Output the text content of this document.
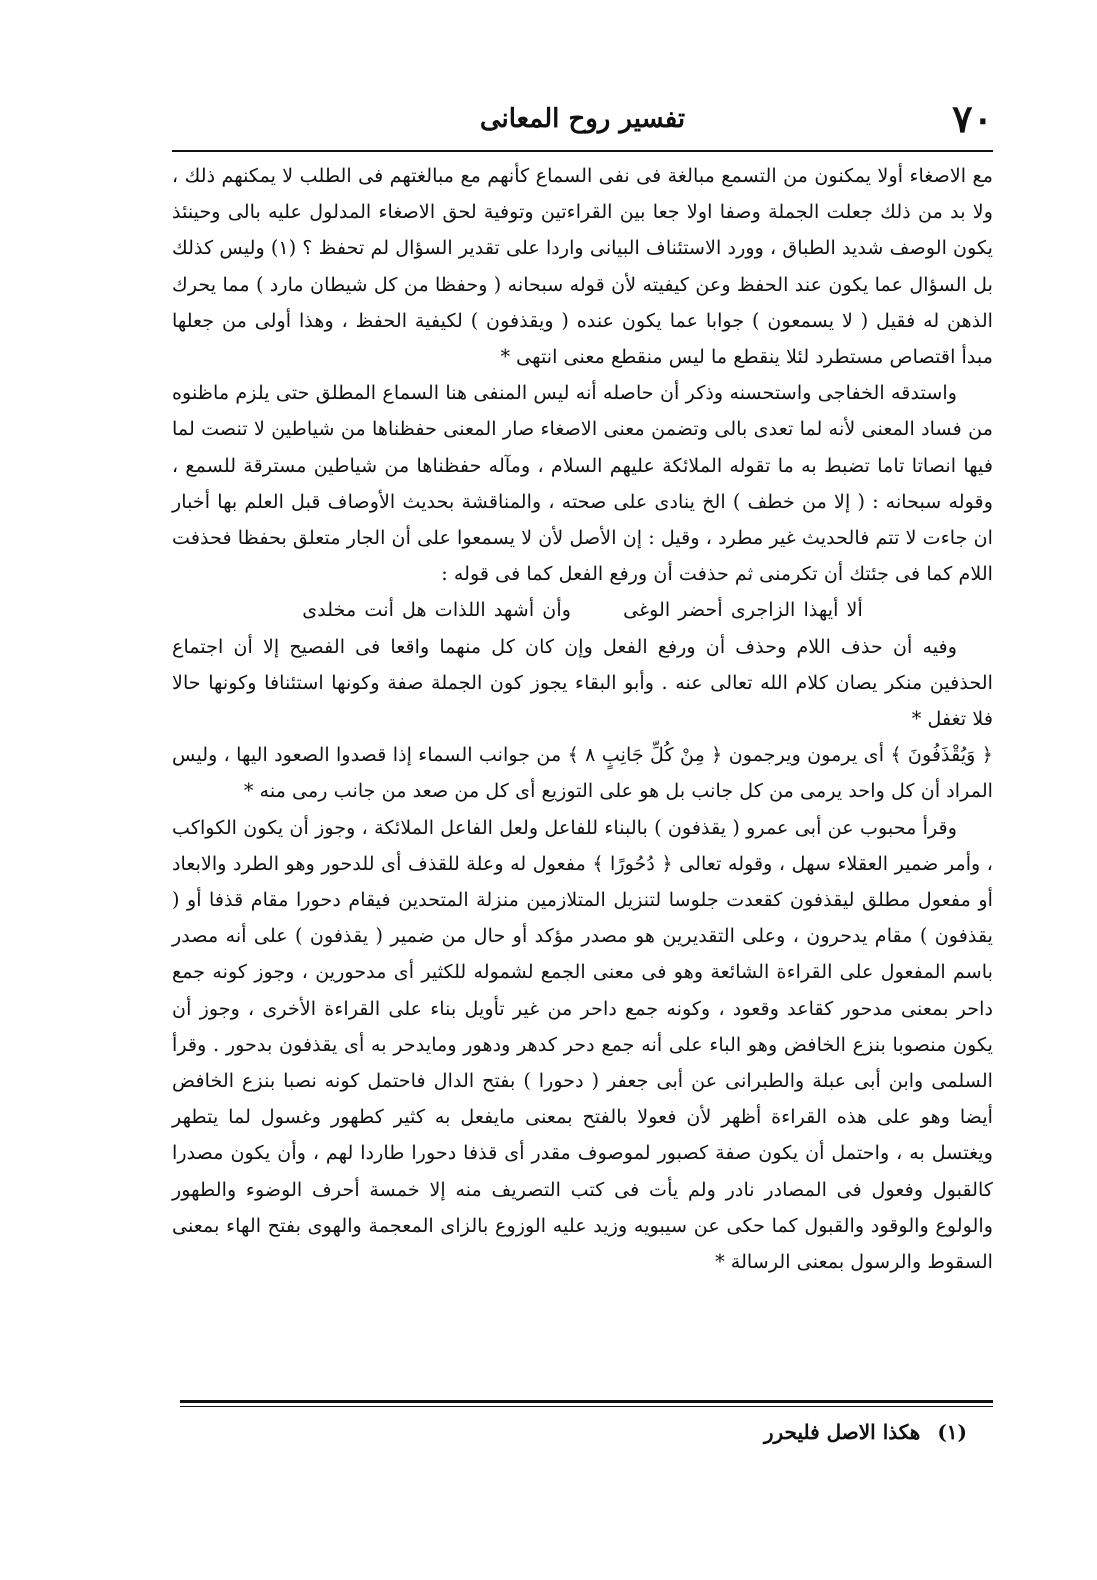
٧٠
تفسير روح المعانى

مع الاصغاء أولا يمكنون من التسمع مبالغة فى نفى السماع كأنهم مع مبالغتهم فى الطلب لا يمكنهم ذلك ، ولا بد من ذلك جعلت الجملة وصفا اولا جعا بين القراءتين وتوفية لحق الاصغاء المدلول عليه بالى وحينئذ يكون الوصف شديد الطباق ، وورد الاستئناف البيانى واردا على تقدير السؤال لم تحفظ ؟ (١) وليس كذلك بل السؤال عما يكون عند الحفظ وعن كيفيته لأن قوله سبحانه ( وحفظا من كل شيطان مارد ) مما يحرك الذهن له فقيل ( لا يسمعون ) جوابا عما يكون عنده ( ويقذفون ) لكيفية الحفظ ، وهذا أولى من جعلها مبدأ اقتصاص مستطرد لئلا ينقطع ما ليس منقطع معنى انتهى *

واستدقه الخفاجى واستحسنه وذكر أن حاصله أنه ليس المنفى هنا السماع المطلق حتى يلزم ماظنوه من فساد المعنى لأنه لما تعدى بالى وتضمن معنى الاصغاء صار المعنى حفظناها من شياطين لا تنصت لما فيها انصاتا تاما تضبط به ما تقوله الملائكة عليهم السلام ، ومآله حفظناها من شياطين مسترقة للسمع ، وقوله سبحانه : ( إلا من خطف ) الخ ينادى على صحته ، والمناقشة بحديث الأوصاف قبل العلم بها أخبار ان جاءت لا تتم فالحديث غير مطرد ، وقيل : إن الأصل لأن لا يسمعوا على أن الجار متعلق بحفظا فحذفت اللام كما فى جئتك أن تكرمنى ثم حذفت أن ورفع الفعل كما فى قوله :

ألا أيهذا الزاجرى أحضر الوغى وأن أشهد اللذات هل أنت مخلدى

وفيه أن حذف اللام وحذف أن ورفع الفعل وإن كان كل منهما واقعا فى الفصيح إلا أن اجتماع الحذفين منكر يصان كلام الله تعالى عنه . وأبو البقاء يجوز كون الجملة صفة وكونها استئنافا وكونها حالا فلا تغفل *

﴿ وَيُقْذَفُونَ ﴾ أى يرمون ويرجمون ﴿ مِنْ كُلِّ جَانِبٍ ٨ ﴾ من جوانب السماء إذا قصدوا الصعود اليها ، وليس المراد أن كل واحد يرمى من كل جانب بل هو على التوزيع أى كل من صعد من جانب رمى منه *

وقرأ محبوب عن أبى عمرو ( يقذفون ) بالبناء للفاعل ولعل الفاعل الملائكة ، وجوز أن يكون الكواكب ، وأمر ضمير العقلاء سهل ، وقوله تعالى ﴿ دُحُورًا ﴾ مفعول له وعلة للقذف أى للدحور وهو الطرد والابعاد أو مفعول مطلق ليقذفون كقعدت جلوسا لتنزيل المتلازمين منزلة المتحدين فيقام دحورا مقام قذفا أو ( يقذفون ) مقام يدحرون ، وعلى التقديرين هو مصدر مؤكد أو حال من ضمير ( يقذفون ) على أنه مصدر باسم المفعول على القراءة الشائعة وهو فى معنى الجمع لشموله للكثير أى مدحورين ، وجوز كونه جمع داحر بمعنى مدحور كقاعد وقعود ، وكونه جمع داحر من غير تأويل بناء على القراءة الأخرى ، وجوز أن يكون منصوبا بنزع الخافض وهو الباء على أنه جمع دحر كدهر ودهور ومايدحر به أى يقذفون بدحور . وقرأ السلمى وابن أبى عبلة والطبرانى عن أبى جعفر ( دحورا ) بفتح الدال فاحتمل كونه نصبا بنزع الخافض أيضا وهو على هذه القراءة أظهر لأن فعولا بالفتح بمعنى مايفعل به كثير كطهور وغسول لما يتطهر ويغتسل به ، واحتمل أن يكون صفة كصبور لموصوف مقدر أى قذفا دحورا طاردا لهم ، وأن يكون مصدرا كالقبول وفعول فى المصادر نادر ولم يأت فى كتب التصريف منه إلا خمسة أحرف الوضوء والطهور والولوع والوقود والقبول كما حكى عن سيبويه وزيد عليه الوزوع بالزاى المعجمة والهوى بفتح الهاء بمعنى السقوط والرسول بمعنى الرسالة *

(١) هكذا الاصل فليحرر
